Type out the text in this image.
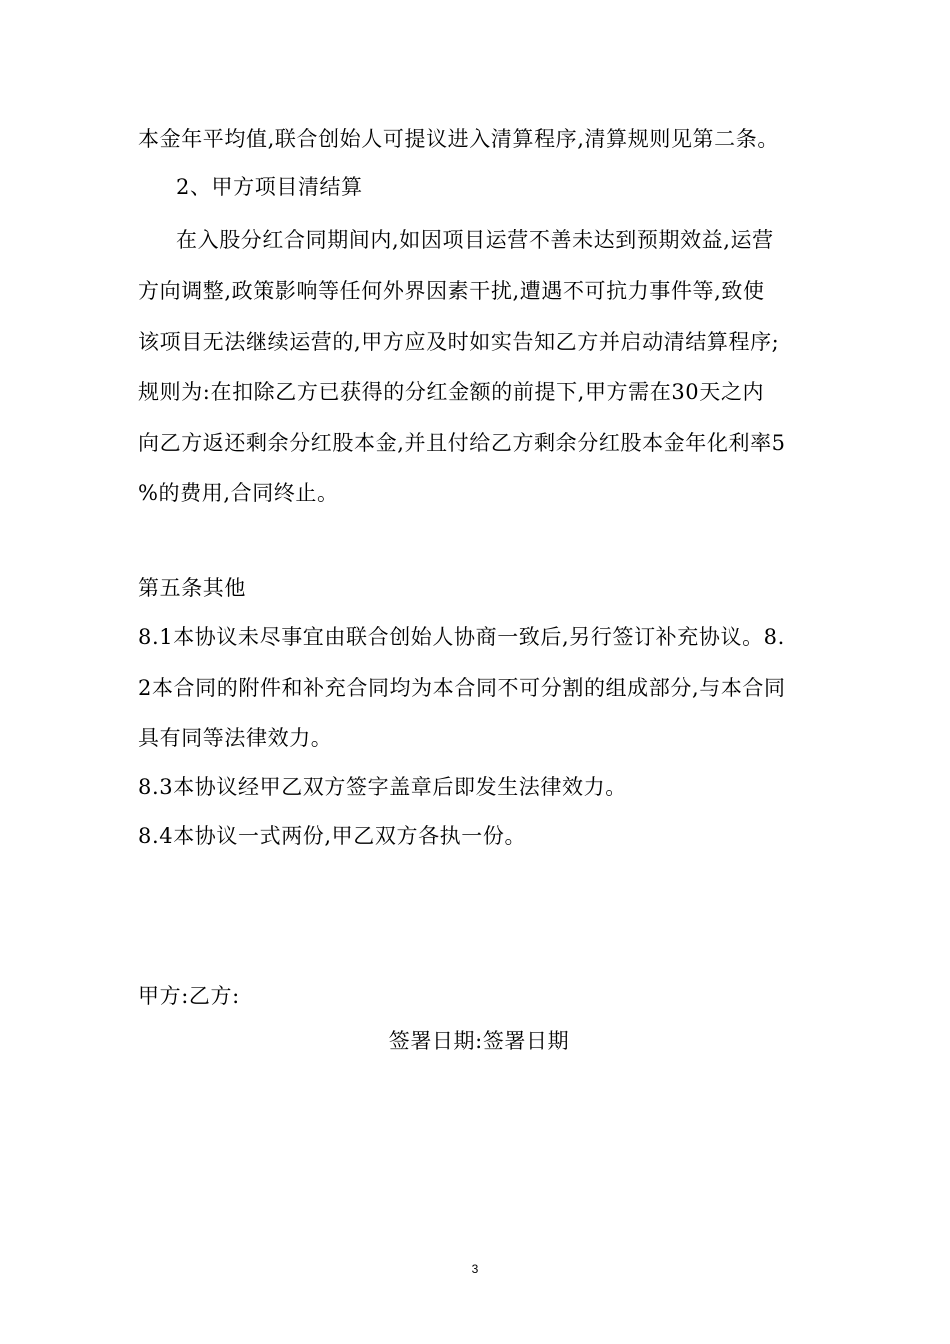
本金年平均值,联合创始人可提议进入清算程序,清算规则见第二条。
2、甲方项目清结算
在入股分红合同期间内,如因项目运营不善未达到预期效益,运营
方向调整,政策影响等任何外界因素干扰,遭遇不可抗力事件等,致使
该项目无法继续运营的,甲方应及时如实告知乙方并启动清结算程序;
规则为:在扣除乙方已获得的分红金额的前提下,甲方需在30天之内
向乙方返还剩余分红股本金,并且付给乙方剩余分红股本金年化利率5
%的费用,合同终止。
第五条其他
8.1本协议未尽事宜由联合创始人协商一致后,另行签订补充协议。8.
2本合同的附件和补充合同均为本合同不可分割的组成部分,与本合同
具有同等法律效力。
8.3本协议经甲乙双方签字盖章后即发生法律效力。
8.4本协议一式两份,甲乙双方各执一份。
甲方:乙方:
签署日期:签署日期
3
